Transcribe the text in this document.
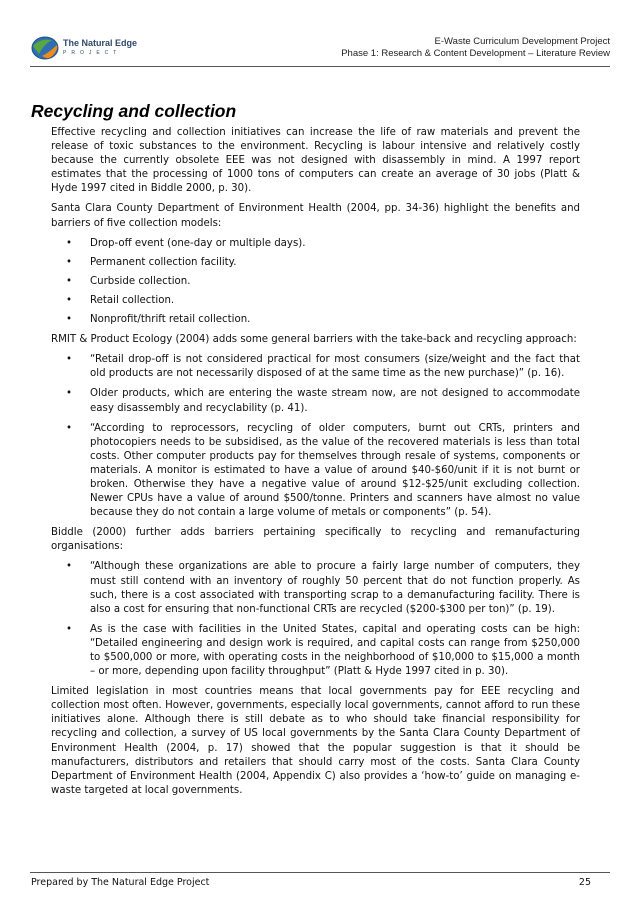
The Natural Edge
PROJECT
E-Waste Curriculum Development Project
Phase 1: Research & Content Development – Literature Review
Recycling and collection

Effective recycling and collection initiatives can increase the life of raw materials and prevent the release of toxic substances to the environment. Recycling is labour intensive and relatively costly because the currently obsolete EEE was not designed with disassembly in mind. A 1997 report estimates that the processing of 1000 tons of computers can create an average of 30 jobs (Platt & Hyde 1997 cited in Biddle 2000, p. 30).

Santa Clara County Department of Environment Health (2004, pp. 34-36) highlight the benefits and barriers of five collection models:

• Drop-off event (one-day or multiple days).
• Permanent collection facility.
• Curbside collection.
• Retail collection.
• Nonprofit/thrift retail collection.

RMIT & Product Ecology (2004) adds some general barriers with the take-back and recycling approach:

• “Retail drop-off is not considered practical for most consumers (size/weight and the fact that old products are not necessarily disposed of at the same time as the new purchase)” (p. 16).
• Older products, which are entering the waste stream now, are not designed to accommodate easy disassembly and recyclability (p. 41).
• “According to reprocessors, recycling of older computers, burnt out CRTs, printers and photocopiers needs to be subsidised, as the value of the recovered materials is less than total costs. Other computer products pay for themselves through resale of systems, components or materials. A monitor is estimated to have a value of around $40-$60/unit if it is not burnt or broken. Otherwise they have a negative value of around $12-$25/unit excluding collection. Newer CPUs have a value of around $500/tonne. Printers and scanners have almost no value because they do not contain a large volume of metals or components” (p. 54).

Biddle (2000) further adds barriers pertaining specifically to recycling and remanufacturing organisations:

• “Although these organizations are able to procure a fairly large number of computers, they must still contend with an inventory of roughly 50 percent that do not function properly. As such, there is a cost associated with transporting scrap to a demanufacturing facility. There is also a cost for ensuring that non-functional CRTs are recycled ($200-$300 per ton)” (p. 19).
• As is the case with facilities in the United States, capital and operating costs can be high: “Detailed engineering and design work is required, and capital costs can range from $250,000 to $500,000 or more, with operating costs in the neighborhood of $10,000 to $15,000 a month – or more, depending upon facility throughput” (Platt & Hyde 1997 cited in p. 30).

Limited legislation in most countries means that local governments pay for EEE recycling and collection most often. However, governments, especially local governments, cannot afford to run these initiatives alone. Although there is still debate as to who should take financial responsibility for recycling and collection, a survey of US local governments by the Santa Clara County Department of Environment Health (2004, p. 17) showed that the popular suggestion is that it should be manufacturers, distributors and retailers that should carry most of the costs. Santa Clara County Department of Environment Health (2004, Appendix C) also provides a ‘how-to’ guide on managing e-waste targeted at local governments.

Prepared by The Natural Edge Project	25
